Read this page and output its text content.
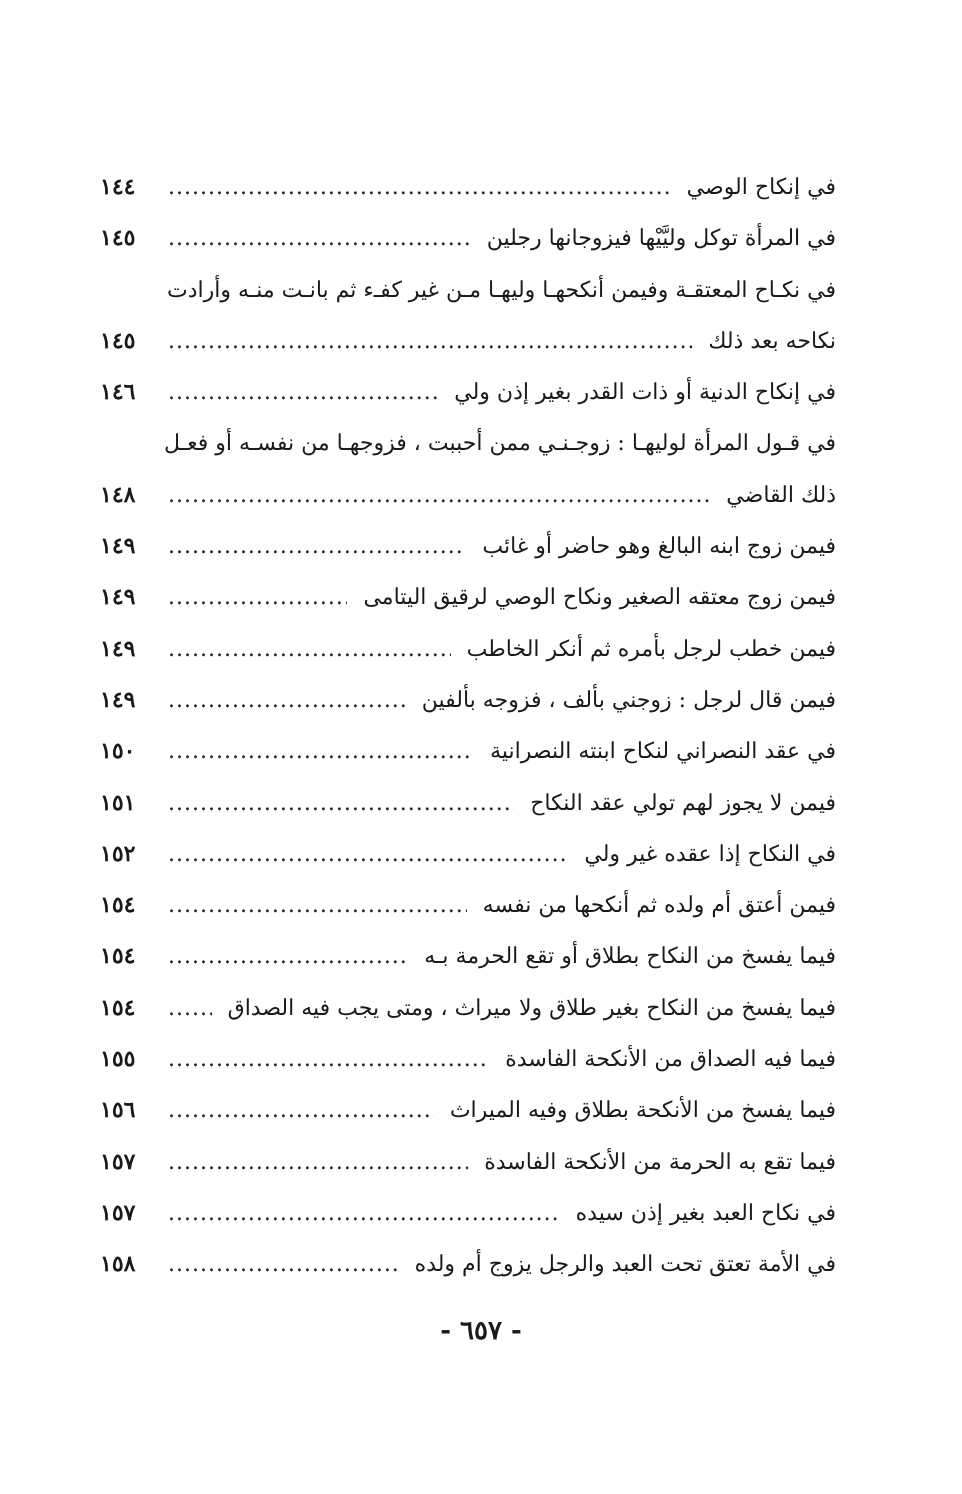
في إنكاح الوصي
.....
١٤٤
في المرأة توكل وليَّيْها فيزوجانها رجلين
.....
١٤٥
في نكـاح المعتقـة وفيمن أنكحهـا وليهـا مـن غير كفـء ثم بانـت منـه وأرادت
نكاحه بعد ذلك
.....
١٤٥
في إنكاح الدنية أو ذات القدر بغير إذن ولي
.....
١٤٦
في قـول المرأة لوليهـا : زوجـنـي ممن أحببت ، فزوجهـا من نفسـه أو فعـل
ذلك القاضي
.....
١٤٨
فيمن زوج ابنه البالغ وهو حاضر أو غائب
.....
١٤٩
فيمن زوج معتقه الصغير ونكاح الوصي لرقيق اليتامى
.....
١٤٩
فيمن خطب لرجل بأمره ثم أنكر الخاطب
.....
١٤٩
فيمن قال لرجل : زوجني بألف ، فزوجه بألفين
.....
١٤٩
في عقد النصراني لنكاح ابنته النصرانية
.....
١٥٠
فيمن لا يجوز لهم تولي عقد النكاح
.....
١٥١
في النكاح إذا عقده غير ولي
.....
١٥٢
فيمن أعتق أم ولده ثم أنكحها من نفسه
.....
١٥٤
فيما يفسخ من النكاح بطلاق أو تقع الحرمة بـه
.....
١٥٤
فيما يفسخ من النكاح بغير طلاق ولا ميراث ، ومتى يجب فيه الصداق
.....
١٥٤
فيما فيه الصداق من الأنكحة الفاسدة
.....
١٥٥
فيما يفسخ من الأنكحة بطلاق وفيه الميراث
.....
١٥٦
فيما تقع به الحرمة من الأنكحة الفاسدة
.....
١٥٧
في نكاح العبد بغير إذن سيده
.....
١٥٧
في الأمة تعتق تحت العبد والرجل يزوج أم ولده
.....
١٥٨
- ٦٥٧ -
